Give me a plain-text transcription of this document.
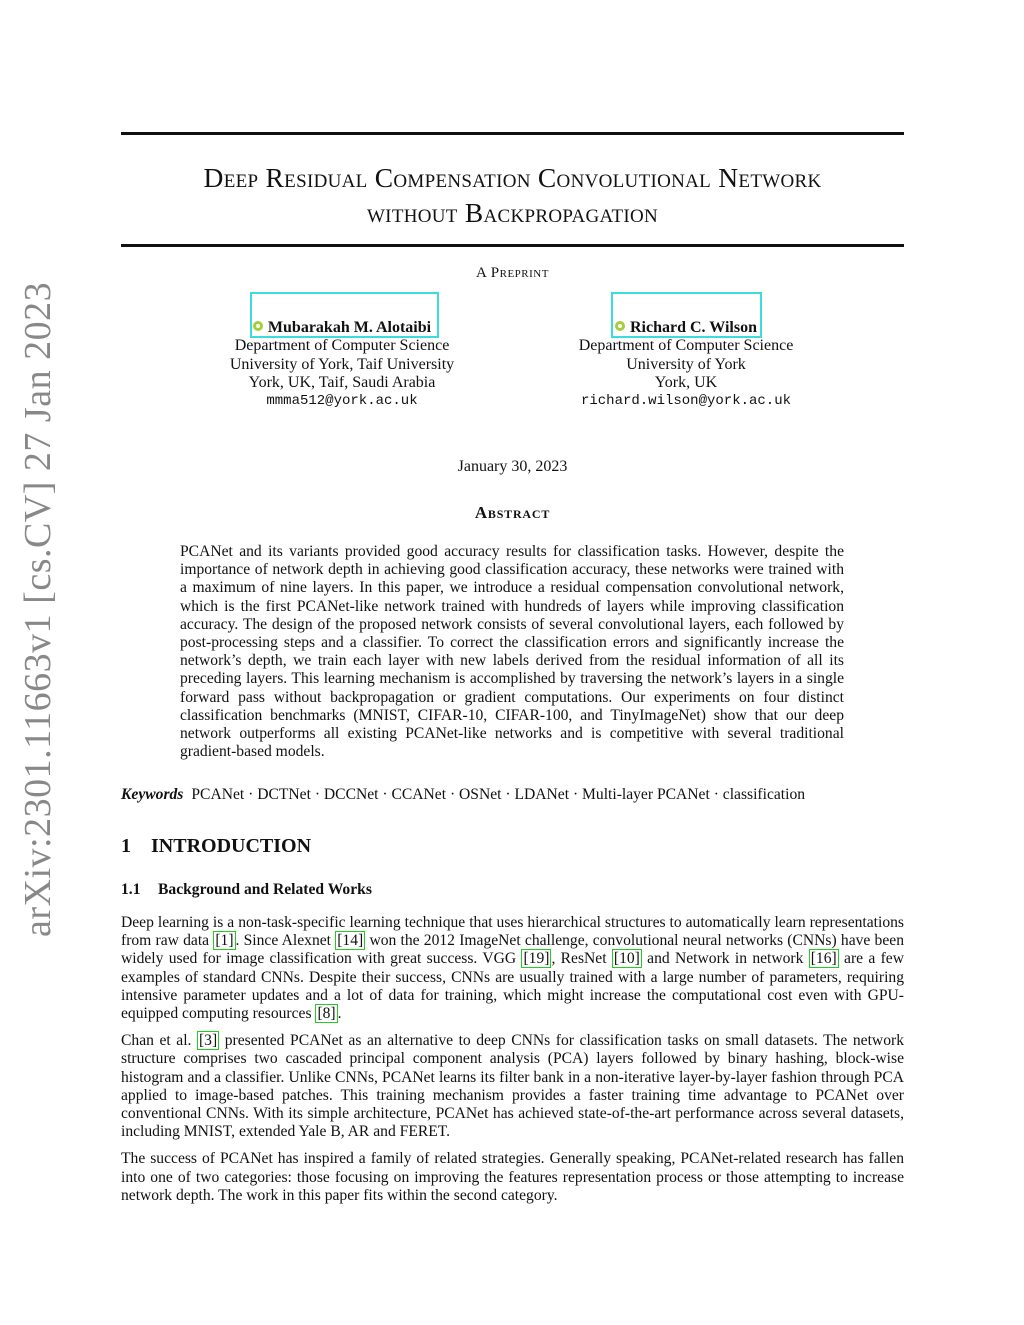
arXiv:2301.11663v1 [cs.CV] 27 Jan 2023
Deep Residual Compensation Convolutional Network
without Backpropagation
A Preprint
Mubarakah M. Alotaibi
Department of Computer Science
University of York, Taif University
York, UK, Taif, Saudi Arabia
mmma512@york.ac.uk
Richard C. Wilson
Department of Computer Science
University of York
York, UK
richard.wilson@york.ac.uk
January 30, 2023
Abstract
PCANet and its variants provided good accuracy results for classification tasks. However, despite the importance of network depth in achieving good classification accuracy, these networks were trained with a maximum of nine layers. In this paper, we introduce a residual compensation convolutional network, which is the first PCANet-like network trained with hundreds of layers while improving classification accuracy. The design of the proposed network consists of several convolutional layers, each followed by post-processing steps and a classifier. To correct the classification errors and significantly increase the network’s depth, we train each layer with new labels derived from the residual information of all its preceding layers. This learning mechanism is accomplished by traversing the network’s layers in a single forward pass without backpropagation or gradient computations. Our experiments on four distinct classification benchmarks (MNIST, CIFAR-10, CIFAR-100, and TinyImageNet) show that our deep network outperforms all existing PCANet-like networks and is competitive with several traditional gradient-based models.
Keywords PCANet · DCTNet · DCCNet · CCANet · OSNet · LDANet · Multi-layer PCANet · classification
1 INTRODUCTION
1.1 Background and Related Works

Deep learning is a non-task-specific learning technique that uses hierarchical structures to automatically learn representations from raw data [1] . Since Alexnet [14] won the 2012 ImageNet challenge, convolutional neural networks (CNNs) have been widely used for image classification with great success. VGG [19] , ResNet [10] and Network in network [16] are a few examples of standard CNNs. Despite their success, CNNs are usually trained with a large number of parameters, requiring intensive parameter updates and a lot of data for training, which might increase the computational cost even with GPU-equipped computing resources [8] .

Chan et al. [3] presented PCANet as an alternative to deep CNNs for classification tasks on small datasets. The network structure comprises two cascaded principal component analysis (PCA) layers followed by binary hashing, block-wise histogram and a classifier. Unlike CNNs, PCANet learns its filter bank in a non-iterative layer-by-layer fashion through PCA applied to image-based patches. This training mechanism provides a faster training time advantage to PCANet over conventional CNNs. With its simple architecture, PCANet has achieved state-of-the-art performance across several datasets, including MNIST, extended Yale B, AR and FERET.

The success of PCANet has inspired a family of related strategies. Generally speaking, PCANet-related research has fallen into one of two categories: those focusing on improving the features representation process or those attempting to increase network depth. The work in this paper fits within the second category.
